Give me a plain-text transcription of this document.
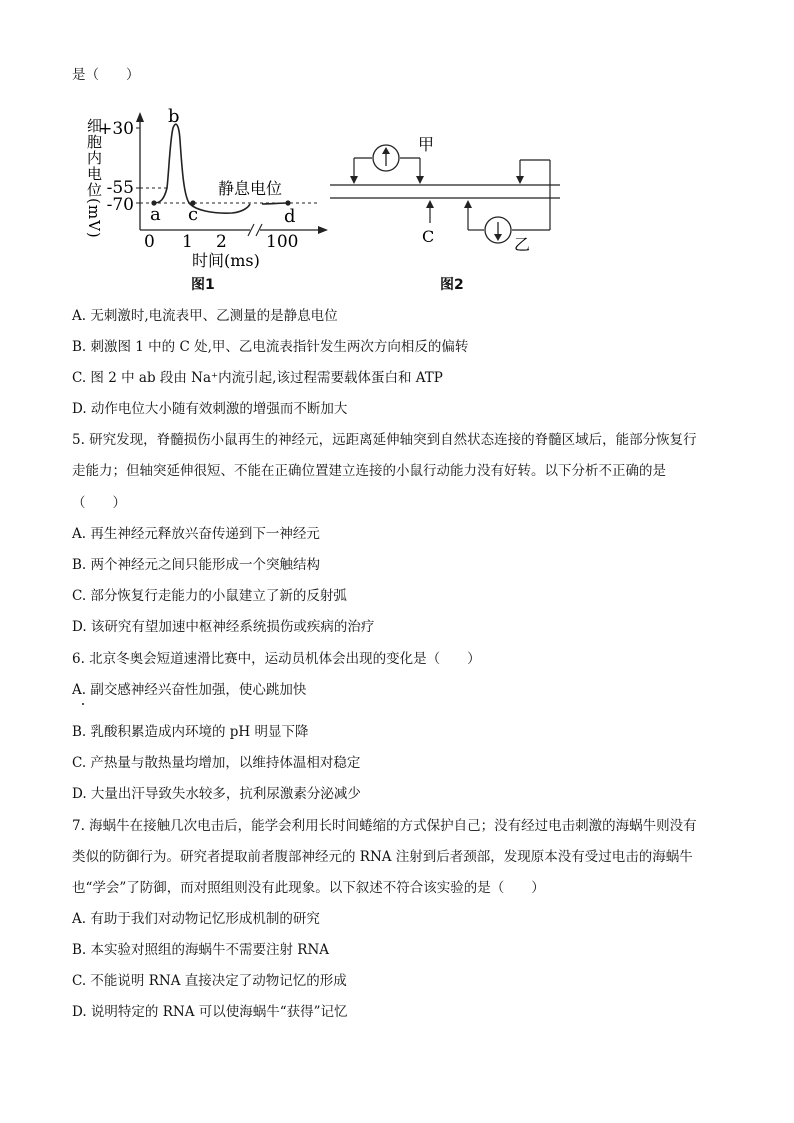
是（　　）
细胞内电位(mV)
+30
-55
-70 a
b
c	d
静息电位
0 1 2 100
时间(ms)
图1
甲
C	乙
图2
A. 无刺激时,电流表甲、乙测量的是静息电位
B. 刺激图 1 中的 C 处,甲、乙电流表指针发生两次方向相反的偏转
C. 图 2 中 ab 段由 Na⁺内流引起,该过程需要载体蛋白和 ATP
D. 动作电位大小随有效刺激的增强而不断加大
5. 研究发现，脊髓损伤小鼠再生的神经元，远距离延伸轴突到自然状态连接的脊髓区域后，能部分恢复行
走能力；但轴突延伸很短、不能在正确位置建立连接的小鼠行动能力没有好转。以下分析不正确的是
（　　）
A. 再生神经元释放兴奋传递到下一神经元
B. 两个神经元之间只能形成一个突触结构
C. 部分恢复行走能力的小鼠建立了新的反射弧
D. 该研究有望加速中枢神经系统损伤或疾病的治疗
6. 北京冬奥会短道速滑比赛中，运动员机体会出现的变化是（　　）
A. 副交感神经兴奋性加强，使心跳加快
B. 乳酸积累造成内环境的 pH 明显下降
C. 产热量与散热量均增加，以维持体温相对稳定
D. 大量出汗导致失水较多，抗利尿激素分泌减少
7. 海蜗牛在接触几次电击后，能学会利用长时间蜷缩的方式保护自己；没有经过电击刺激的海蜗牛则没有
类似的防御行为。研究者提取前者腹部神经元的 RNA 注射到后者颈部，发现原本没有受过电击的海蜗牛
也“学会”了防御，而对照组则没有此现象。以下叙述不符合该实验的是（　　）
A. 有助于我们对动物记忆形成机制的研究
B. 本实验对照组的海蜗牛不需要注射 RNA
C. 不能说明 RNA 直接决定了动物记忆的形成
D. 说明特定的 RNA 可以使海蜗牛“获得”记忆
